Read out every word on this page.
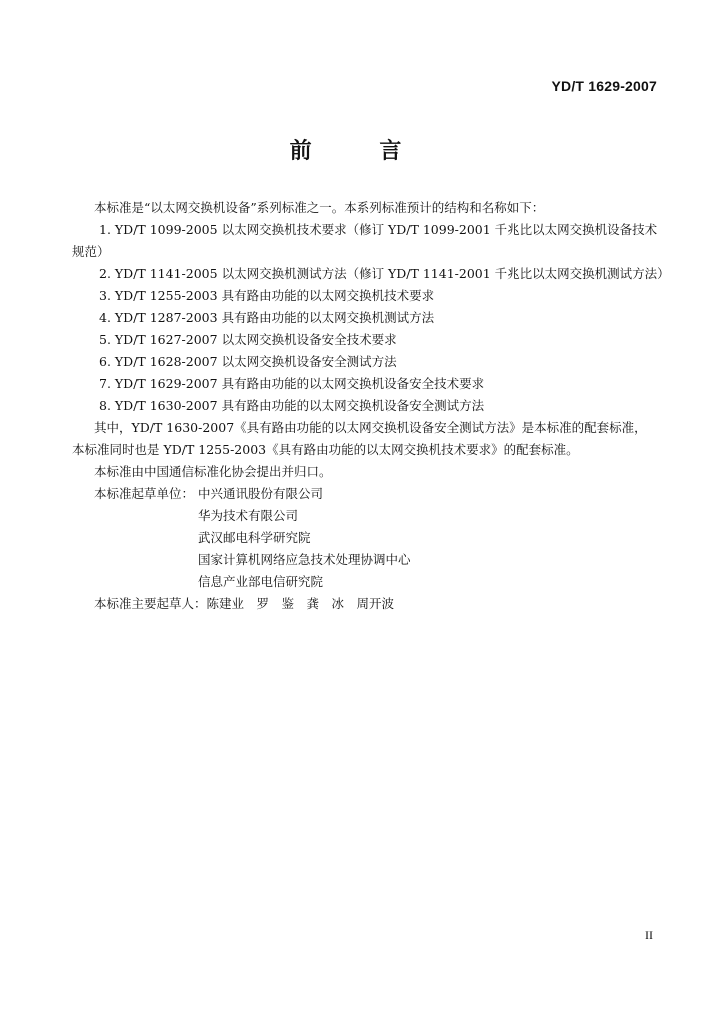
YD/T 1629-2007
前 言
本标准是“以太网交换机设备”系列标准之一。本系列标准预计的结构和名称如下：
1. YD/T 1099-2005 以太网交换机技术要求（修订 YD/T 1099-2001 千兆比以太网交换机设备技术
规范）
2. YD/T 1141-2005 以太网交换机测试方法（修订 YD/T 1141-2001 千兆比以太网交换机测试方法）
3. YD/T 1255-2003 具有路由功能的以太网交换机技术要求
4. YD/T 1287-2003 具有路由功能的以太网交换机测试方法
5. YD/T 1627-2007 以太网交换机设备安全技术要求
6. YD/T 1628-2007 以太网交换机设备安全测试方法
7. YD/T 1629-2007 具有路由功能的以太网交换机设备安全技术要求
8. YD/T 1630-2007 具有路由功能的以太网交换机设备安全测试方法
其中，YD/T 1630-2007《具有路由功能的以太网交换机设备安全测试方法》是本标准的配套标准，
本标准同时也是 YD/T 1255-2003《具有路由功能的以太网交换机技术要求》的配套标准。
本标准由中国通信标准化协会提出并归口。
本标准起草单位： 中兴通讯股份有限公司
华为技术有限公司
武汉邮电科学研究院
国家计算机网络应急技术处理协调中心
信息产业部电信研究院
本标准主要起草人：陈建业　罗　鉴　龚　冰　周开波
II
